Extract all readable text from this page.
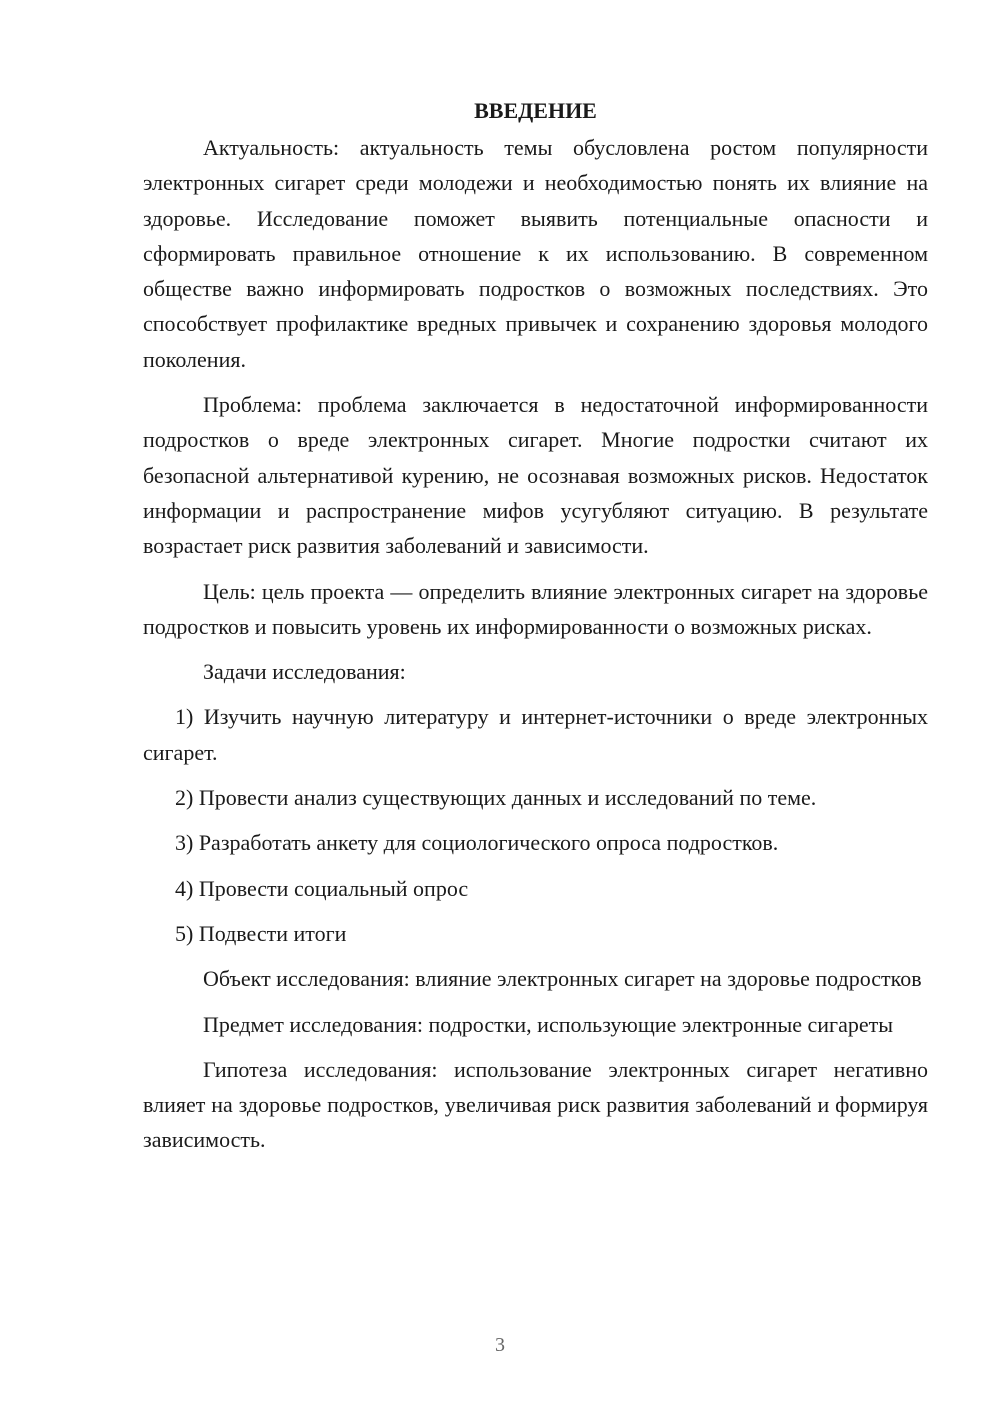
ВВЕДЕНИЕ

Актуальность: актуальность темы обусловлена ростом популярности электронных сигарет среди молодежи и необходимостью понять их влияние на здоровье. Исследование поможет выявить потенциальные опасности и сформировать правильное отношение к их использованию. В современном обществе важно информировать подростков о возможных последствиях. Это способствует профилактике вредных привычек и сохранению здоровья молодого поколения.

Проблема: проблема заключается в недостаточной информированности подростков о вреде электронных сигарет. Многие подростки считают их безопасной альтернативой курению, не осознавая возможных рисков. Недостаток информации и распространение мифов усугубляют ситуацию. В результате возрастает риск развития заболеваний и зависимости.

Цель: цель проекта — определить влияние электронных сигарет на здоровье подростков и повысить уровень их информированности о возможных рисках.

Задачи исследования:

1) Изучить научную литературу и интернет-источники о вреде электронных сигарет.

2) Провести анализ существующих данных и исследований по теме.

3) Разработать анкету для социологического опроса подростков.

4) Провести социальный опрос

5) Подвести итоги

Объект исследования: влияние электронных сигарет на здоровье подростков

Предмет исследования: подростки, использующие электронные сигареты

Гипотеза исследования: использование электронных сигарет негативно влияет на здоровье подростков, увеличивая риск развития заболеваний и формируя зависимость.

3
